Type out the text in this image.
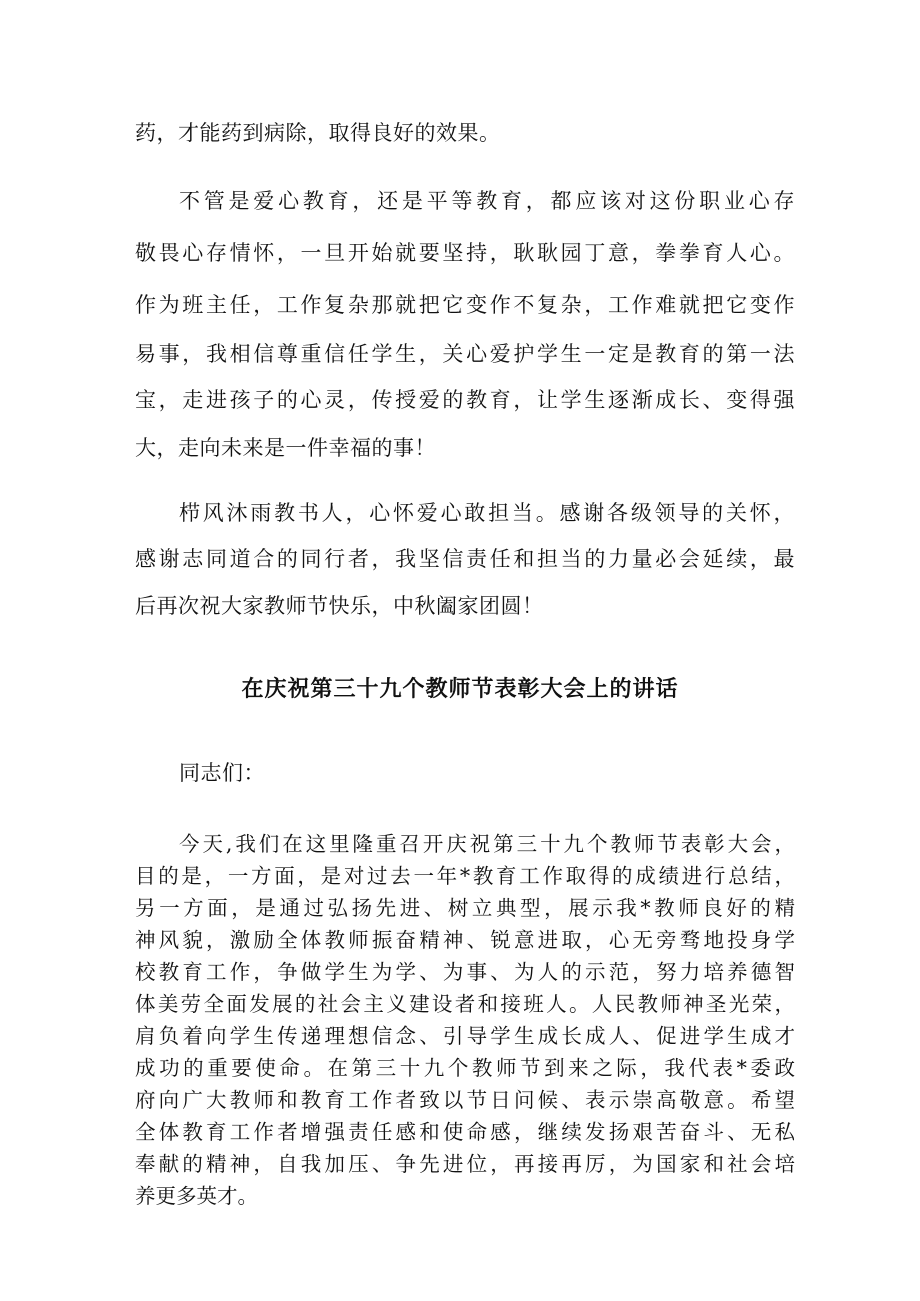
药，才能药到病除，取得良好的效果。

不管是爱心教育，还是平等教育，都应该对这份职业心存

敬畏心存情怀，一旦开始就要坚持，耿耿园丁意，拳拳育人心。

作为班主任，工作复杂那就把它变作不复杂，工作难就把它变作

易事，我相信尊重信任学生，关心爱护学生一定是教育的第一法

宝，走进孩子的心灵，传授爱的教育，让学生逐渐成长、变得强

大，走向未来是一件幸福的事！

栉风沐雨教书人，心怀爱心敢担当。感谢各级领导的关怀，

感谢志同道合的同行者，我坚信责任和担当的力量必会延续，最

后再次祝大家教师节快乐，中秋阖家团圆！

在庆祝第三十九个教师节表彰大会上的讲话

同志们：

今天,我们在这里隆重召开庆祝第三十九个教师节表彰大会，

目的是，一方面，是对过去一年*教育工作取得的成绩进行总结，

另一方面，是通过弘扬先进、树立典型，展示我*教师良好的精

神风貌，激励全体教师振奋精神、锐意进取，心无旁骛地投身学

校教育工作，争做学生为学、为事、为人的示范，努力培养德智

体美劳全面发展的社会主义建设者和接班人。人民教师神圣光荣，

肩负着向学生传递理想信念、引导学生成长成人、促进学生成才

成功的重要使命。在第三十九个教师节到来之际，我代表*委政

府向广大教师和教育工作者致以节日问候、表示崇高敬意。希望

全体教育工作者增强责任感和使命感，继续发扬艰苦奋斗、无私

奉献的精神，自我加压、争先进位，再接再厉，为国家和社会培

养更多英才。
